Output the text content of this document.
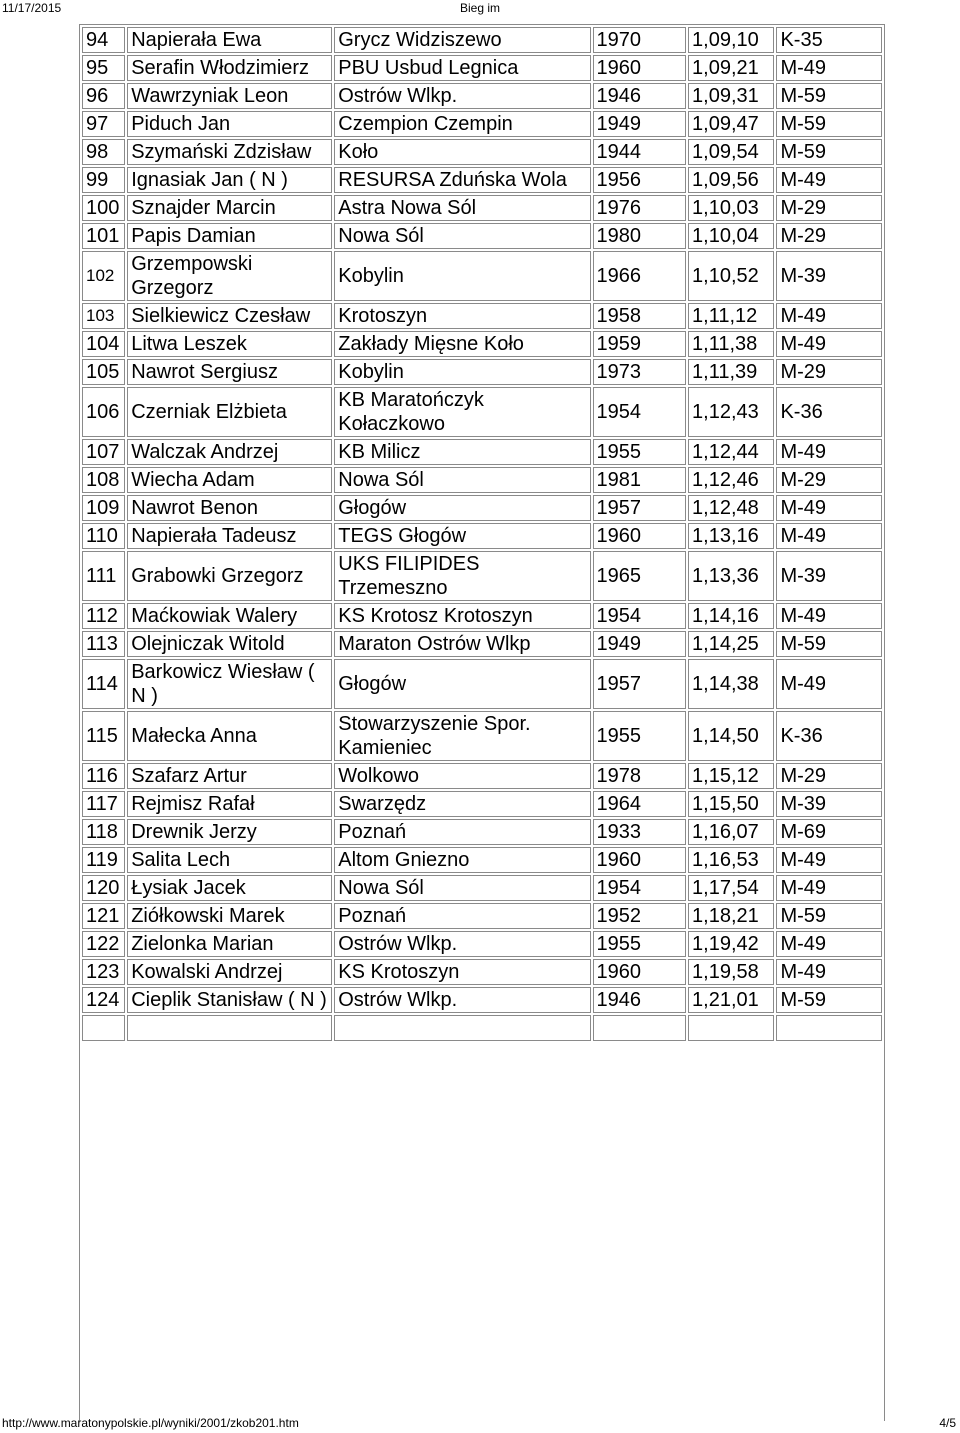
11/17/2015	Bieg im
94	Napierała Ewa	Grycz Widziszewo	1970	1,09,10	K-35
95	Serafin Włodzimierz	PBU Usbud Legnica	1960	1,09,21	M-49
96	Wawrzyniak Leon	Ostrów Wlkp.	1946	1,09,31	M-59
97	Piduch Jan	Czempion Czempin	1949	1,09,47	M-59
98	Szymański Zdzisław	Koło	1944	1,09,54	M-59
99	Ignasiak Jan ( N )	RESURSA Zduńska Wola	1956	1,09,56	M-49
100	Sznajder Marcin	Astra Nowa Sól	1976	1,10,03	M-29
101	Papis Damian	Nowa Sól	1980	1,10,04	M-29
102	Grzempowski Grzegorz	Kobylin	1966	1,10,52	M-39
103	Sielkiewicz Czesław	Krotoszyn	1958	1,11,12	M-49
104	Litwa Leszek	Zakłady Mięsne Koło	1959	1,11,38	M-49
105	Nawrot Sergiusz	Kobylin	1973	1,11,39	M-29
106	Czerniak Elżbieta	KB Maratończyk Kołaczkowo	1954	1,12,43	K-36
107	Walczak Andrzej	KB Milicz	1955	1,12,44	M-49
108	Wiecha Adam	Nowa Sól	1981	1,12,46	M-29
109	Nawrot Benon	Głogów	1957	1,12,48	M-49
110	Napierała Tadeusz	TEGS Głogów	1960	1,13,16	M-49
111	Grabowki Grzegorz	UKS FILIPIDES Trzemeszno	1965	1,13,36	M-39
112	Maćkowiak Walery	KS Krotosz Krotoszyn	1954	1,14,16	M-49
113	Olejniczak Witold	Maraton Ostrów Wlkp	1949	1,14,25	M-59
114	Barkowicz Wiesław ( N )	Głogów	1957	1,14,38	M-49
115	Małecka Anna	Stowarzyszenie Spor. Kamieniec	1955	1,14,50	K-36
116	Szafarz Artur	Wolkowo	1978	1,15,12	M-29
117	Rejmisz Rafał	Swarzędz	1964	1,15,50	M-39
118	Drewnik Jerzy	Poznań	1933	1,16,07	M-69
119	Salita Lech	Altom Gniezno	1960	1,16,53	M-49
120	Łysiak Jacek	Nowa Sól	1954	1,17,54	M-49
121	Ziółkowski Marek	Poznań	1952	1,18,21	M-59
122	Zielonka Marian	Ostrów Wlkp.	1955	1,19,42	M-49
123	Kowalski Andrzej	KS Krotoszyn	1960	1,19,58	M-49
124	Cieplik Stanisław ( N )	Ostrów Wlkp.	1946	1,21,01	M-59

http://www.maratonypolskie.pl/wyniki/2001/zkob201.htm	4/5
